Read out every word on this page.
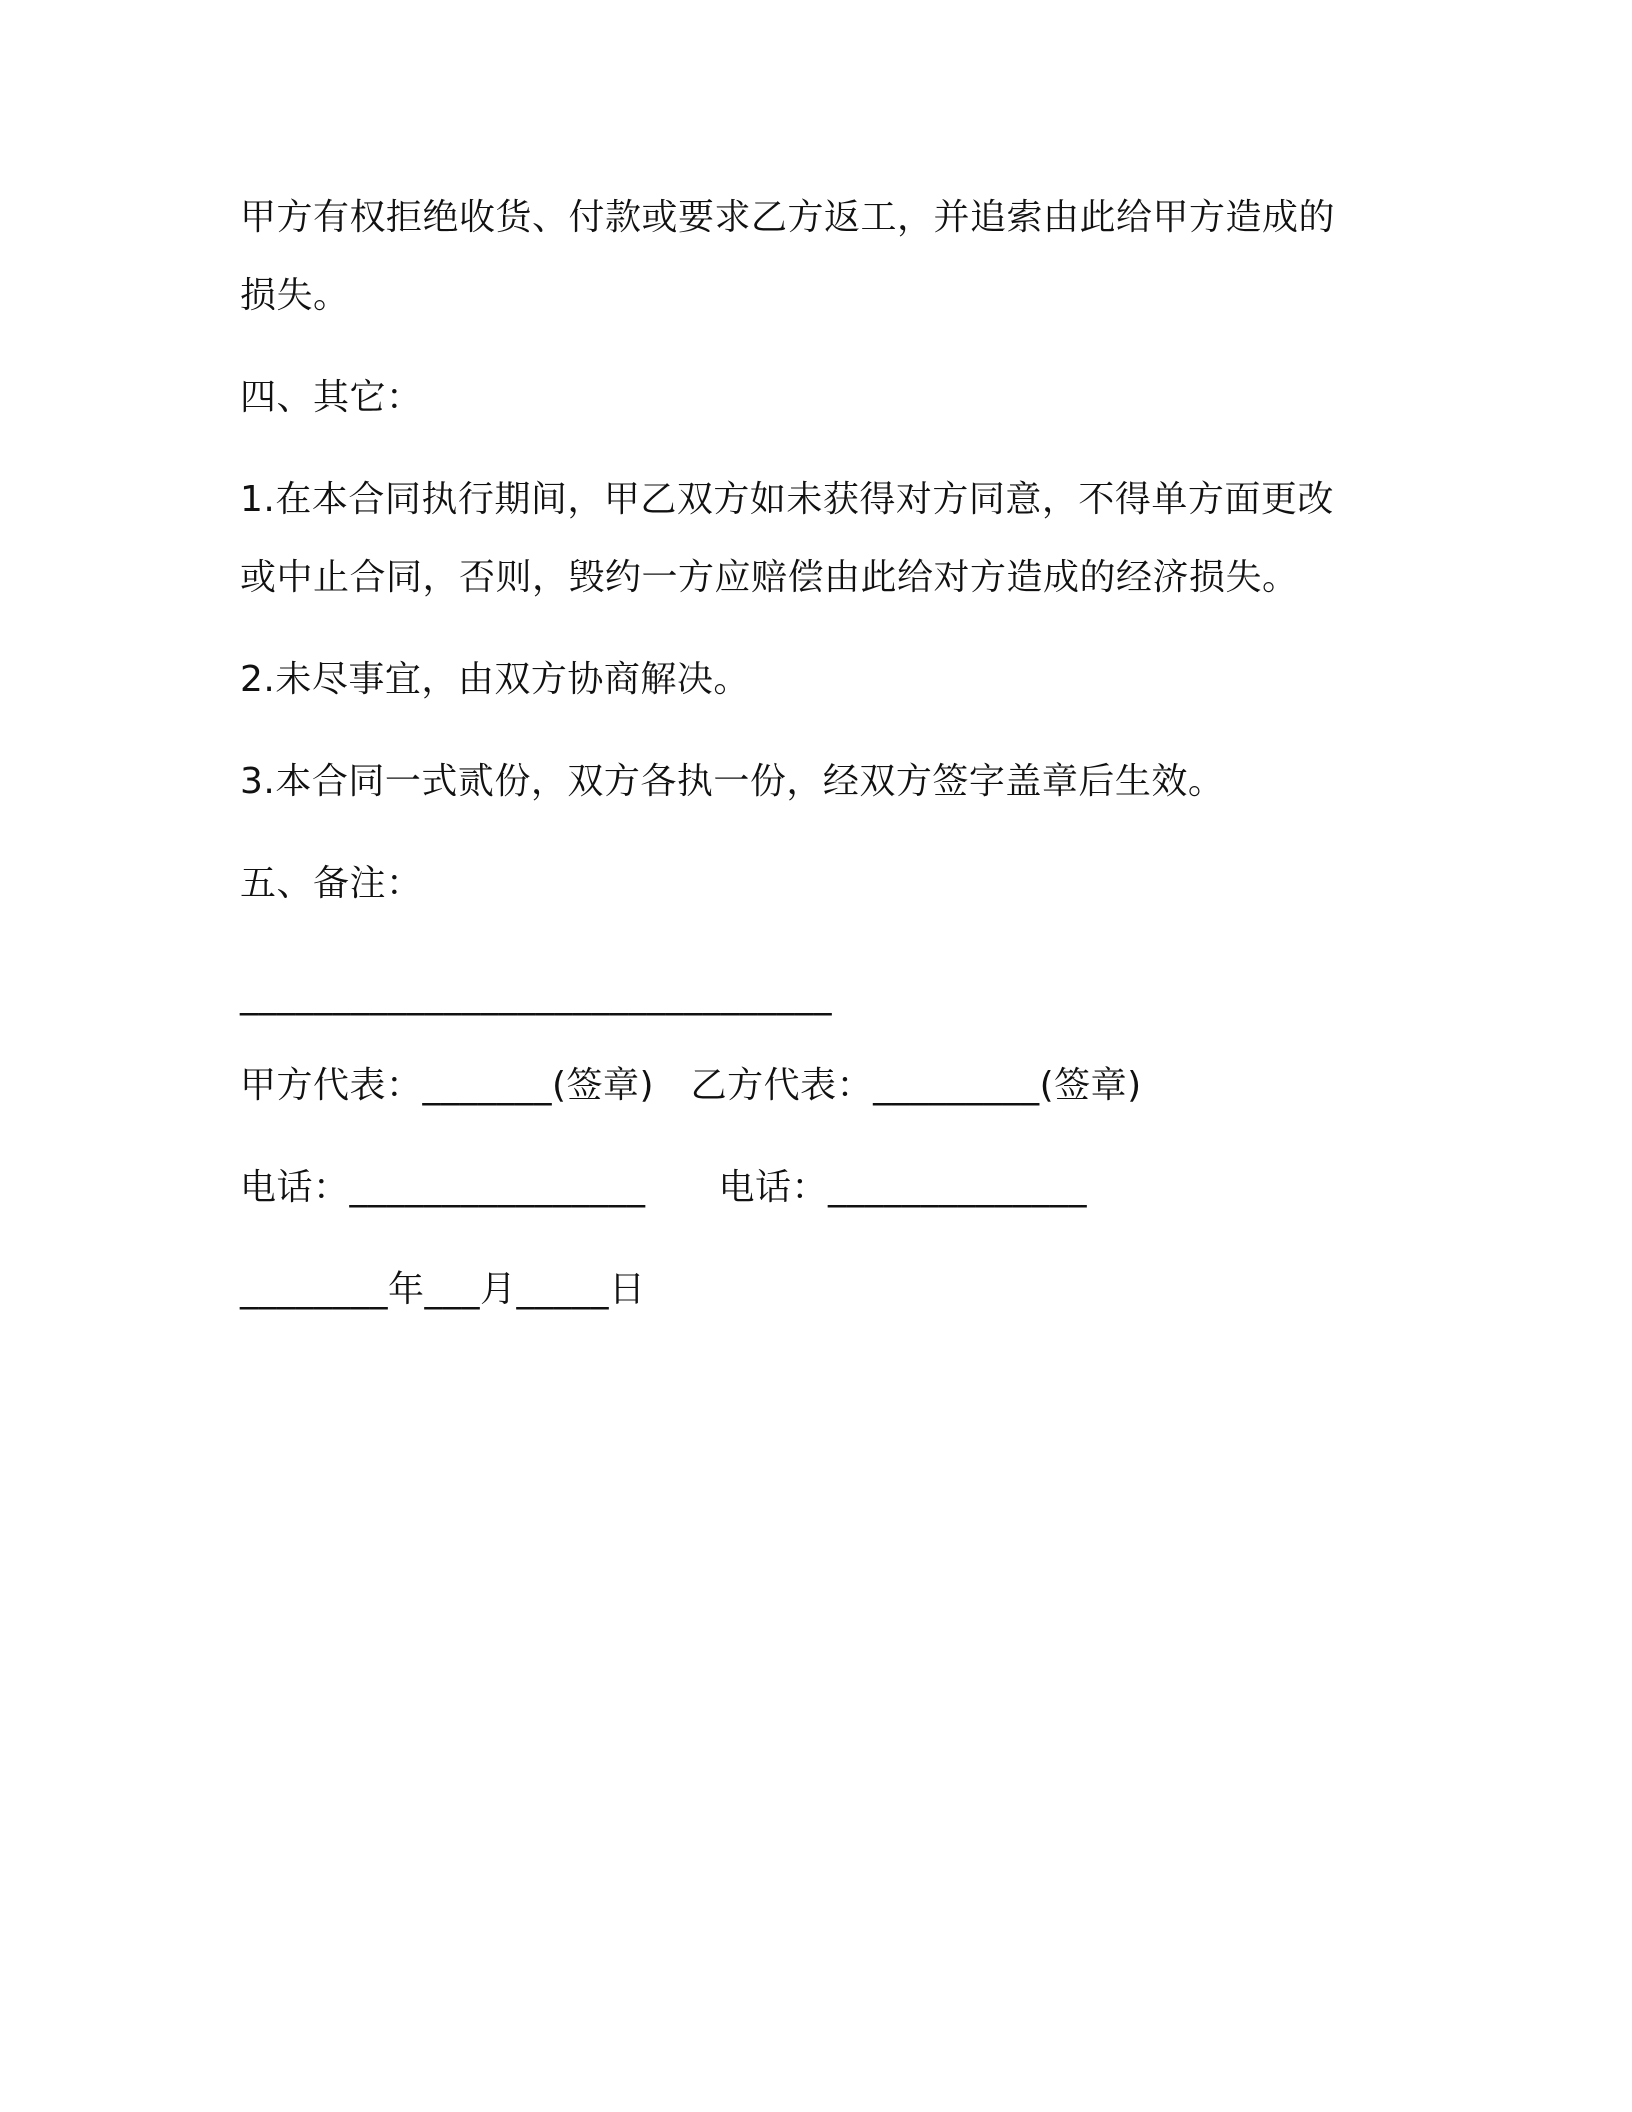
甲方有权拒绝收货、付款或要求乙方返工，并追索由此给甲方造成的
损失。
四、其它：
1.在本合同执行期间，甲乙双方如未获得对方同意，不得单方面更改
或中止合同，否则，毁约一方应赔偿由此给对方造成的经济损失。
2.未尽事宜，由双方协商解决。
3.本合同一式贰份，双方各执一份，经双方签字盖章后生效。
五、备注：
________________________________
甲方代表：_______(签章)　乙方代表：_________(签章)
电话：________________　　电话：______________
________年___月_____日
